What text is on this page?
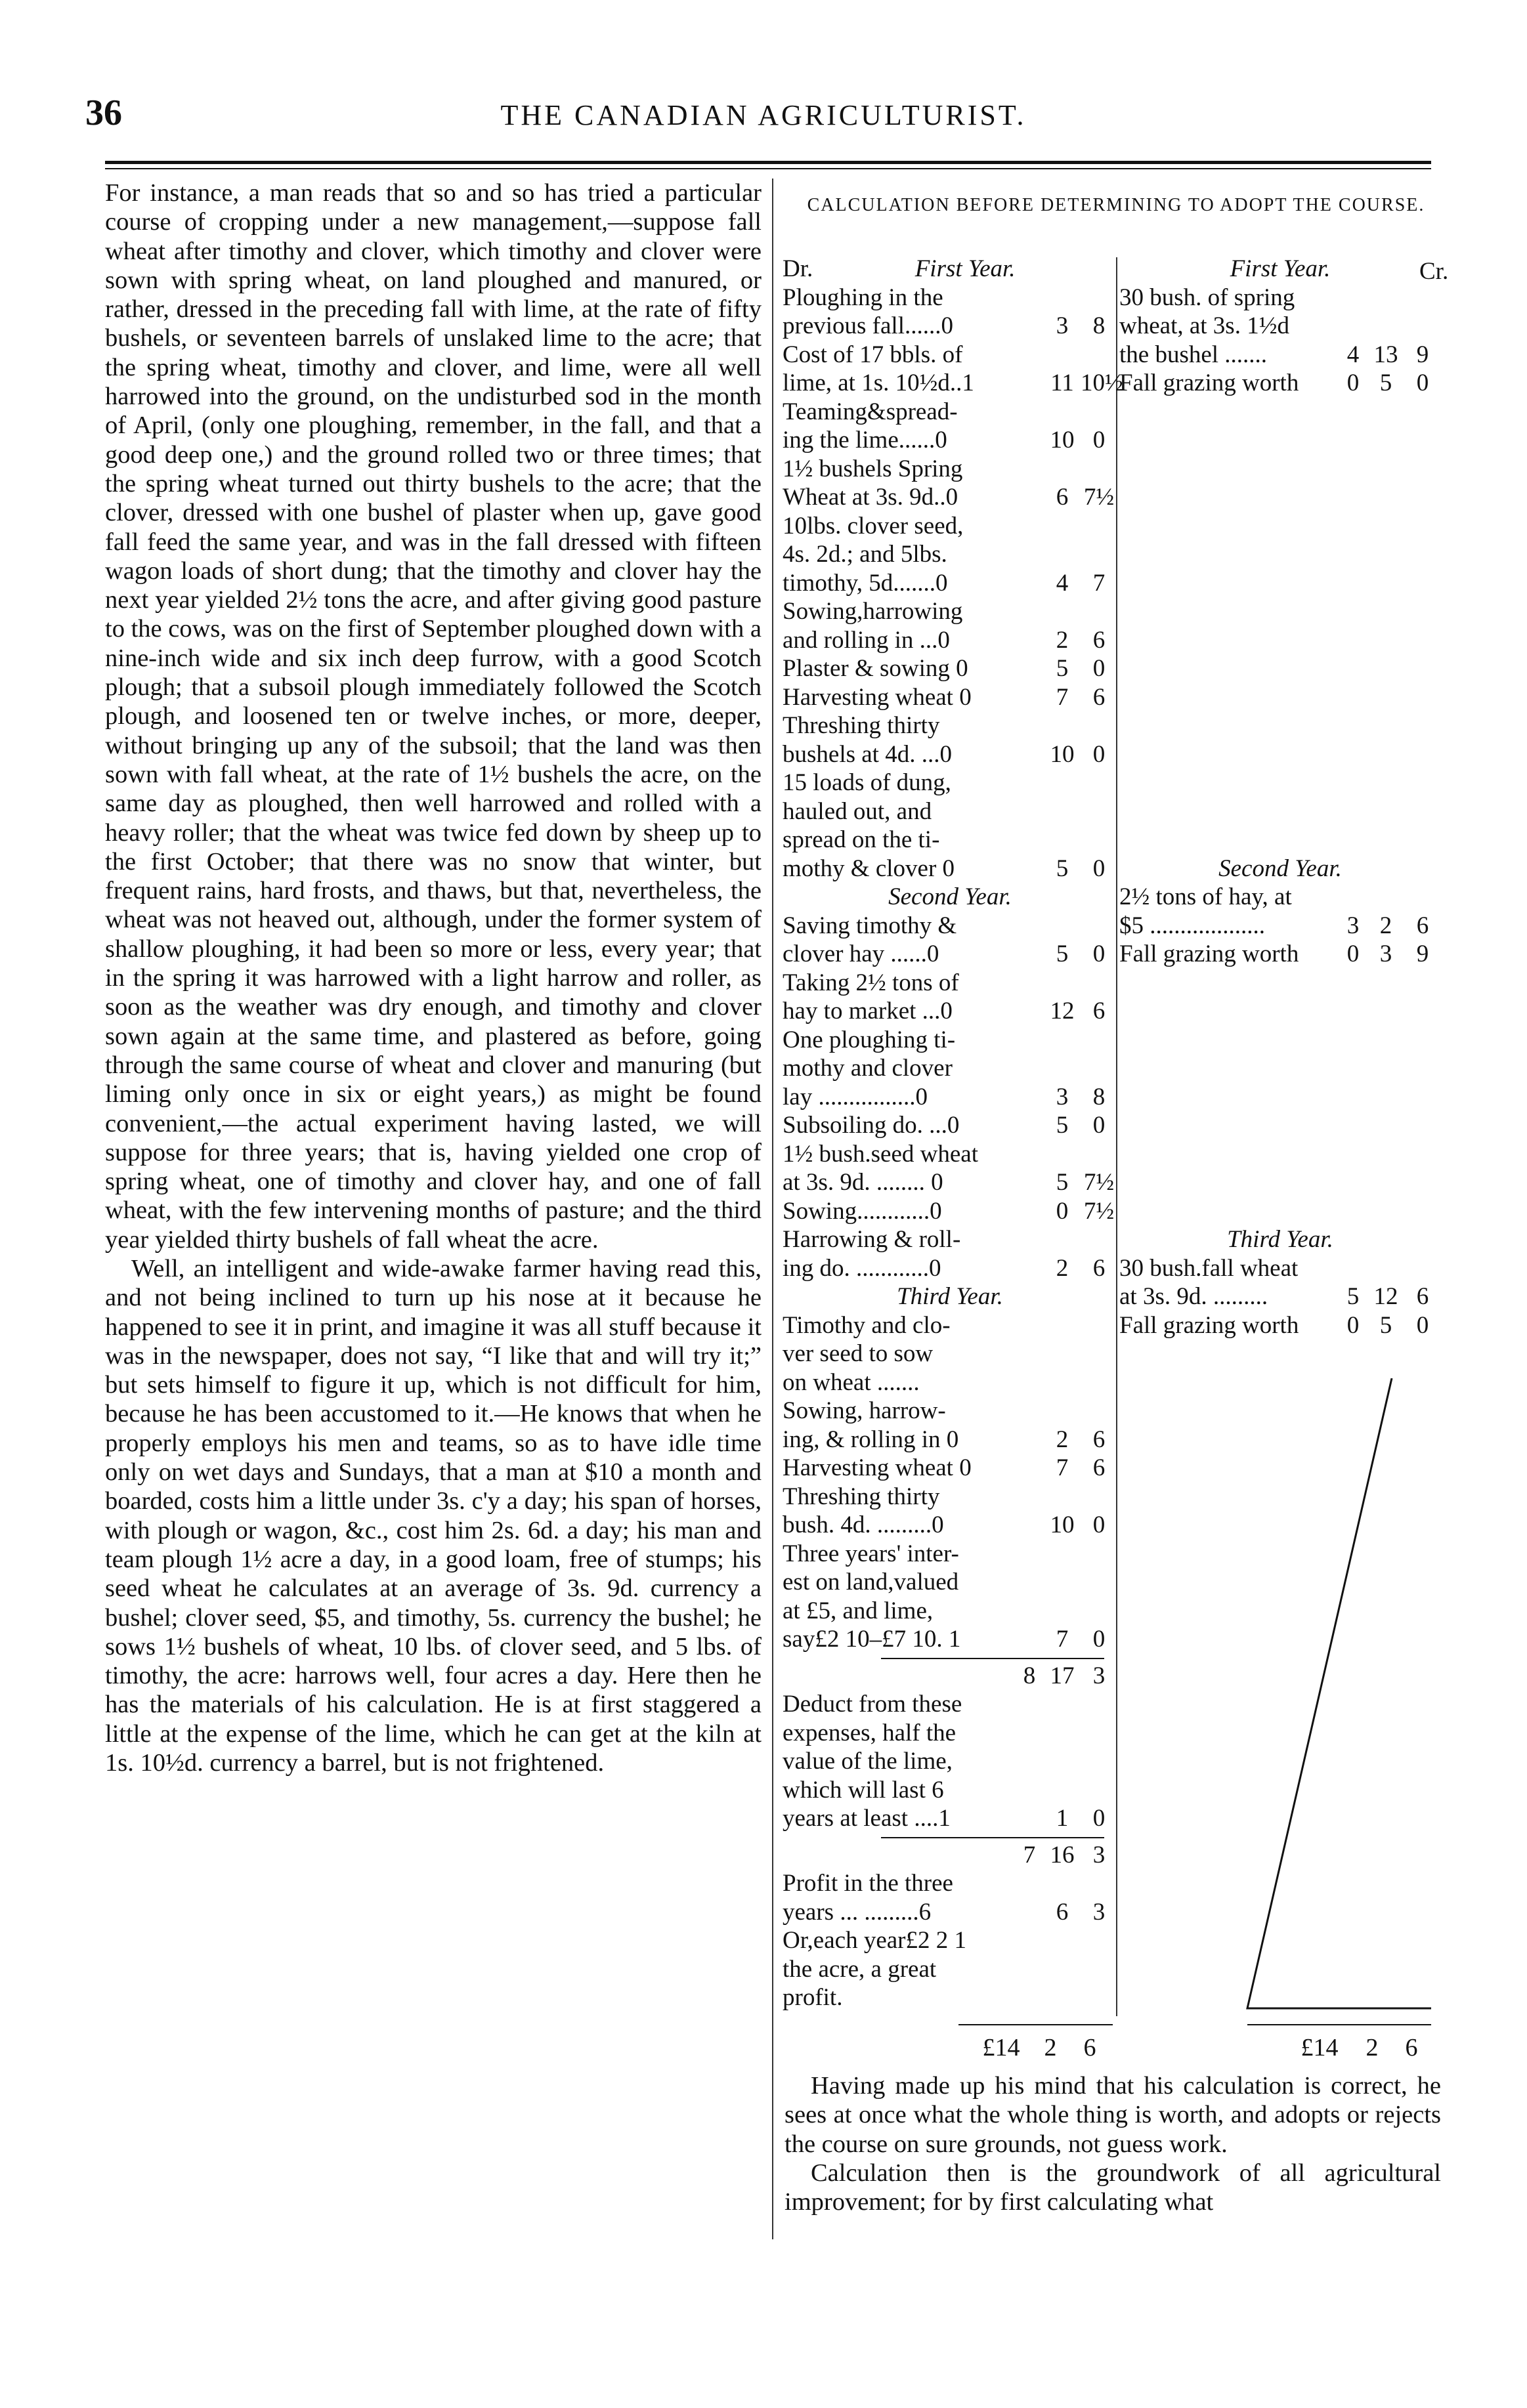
36	THE CANADIAN AGRICULTURIST.

For instance, a man reads that so and so has tried a particular course of cropping under a new management,—suppose fall wheat after timothy and clover, which timothy and clover were sown with spring wheat, on land ploughed and manured, or rather, dressed in the preceding fall with lime, at the rate of fifty bushels, or seventeen barrels of unslaked lime to the acre; that the spring wheat, timothy and clover, and lime, were all well harrowed into the ground, on the undisturbed sod in the month of April, (only one ploughing, remember, in the fall, and that a good deep one,) and the ground rolled two or three times; that the spring wheat turned out thirty bushels to the acre; that the clover, dressed with one bushel of plaster when up, gave good fall feed the same year, and was in the fall dressed with fifteen wagon loads of short dung; that the timothy and clover hay the next year yielded 2½ tons the acre, and after giving good pasture to the cows, was on the first of September ploughed down with a nine-inch wide and six inch deep furrow, with a good Scotch plough; that a subsoil plough immediately followed the Scotch plough, and loosened ten or twelve inches, or more, deeper, without bringing up any of the subsoil; that the land was then sown with fall wheat, at the rate of 1½ bushels the acre, on the same day as ploughed, then well harrowed and rolled with a heavy roller; that the wheat was twice fed down by sheep up to the first October; that there was no snow that winter, but frequent rains, hard frosts, and thaws, but that, nevertheless, the wheat was not heaved out, although, under the former system of shallow ploughing, it had been so more or less, every year; that in the spring it was harrowed with a light harrow and roller, as soon as the weather was dry enough, and timothy and clover sown again at the same time, and plastered as before, going through the same course of wheat and clover and manuring (but liming only once in six or eight years,) as might be found convenient,—the actual experiment having lasted, we will suppose for three years; that is, having yielded one crop of spring wheat, one of timothy and clover hay, and one of fall wheat, with the few intervening months of pasture; and the third year yielded thirty bushels of fall wheat the acre.

Well, an intelligent and wide-awake farmer having read this, and not being inclined to turn up his nose at it because he happened to see it in print, and imagine it was all stuff because it was in the newspaper, does not say, “I like that and will try it;” but sets himself to figure it up, which is not difficult for him, because he has been accustomed to it.—He knows that when he properly employs his men and teams, so as to have idle time only on wet days and Sundays, that a man at $10 a month and boarded, costs him a little under 3s. c'y a day; his span of horses, with plough or wagon, &c., cost him 2s. 6d. a day; his man and team plough 1½ acre a day, in a good loam, free of stumps; his seed wheat he calculates at an average of 3s. 9d. currency a bushel; clover seed, $5, and timothy, 5s. currency the bushel; he sows 1½ bushels of wheat, 10 lbs. of clover seed, and 5 lbs. of timothy, the acre: harrows well, four acres a day. Here then he has the materials of his calculation. He is at first staggered a little at the expense of the lime, which he can get at the kiln at 1s. 10½d. currency a barrel, but is not frightened.

CALCULATION BEFORE DETERMINING TO ADOPT THE COURSE.
Cr.
Dr.	First Year.
Ploughing in the
previous fall......0	3	8
Cost of 17 bbls. of
lime, at 1s. 10½d..1	11 10½
Teaming&spread-
ing the lime......0	10 0
1½ bushels Spring
Wheat at 3s. 9d..0	6 7½
10lbs. clover seed,
4s. 2d.; and 5lbs.
timothy, 5d.......0	4	7
Sowing,harrowing
and rolling in ...0	2	6
Plaster & sowing 0	5	0
Harvesting wheat 0	7	6
Threshing thirty
bushels at 4d. ...0	10 0
15 loads of dung,
hauled out, and
spread on the ti-
mothy & clover 0	5	0
Second Year.
Saving timothy &
clover hay ......0	5	0
Taking 2½ tons of
hay to market ...0	12 6
One ploughing ti-
mothy and clover
lay ................0	3	8
Subsoiling do. ...0	5	0
1½ bush.seed wheat
at 3s. 9d. ........ 0	5 7½
Sowing............0	0 7½
Harrowing & roll-
ing do. ............0	2	6
Third Year.
Timothy and clo-
ver seed to sow
on wheat .......
Sowing, harrow-
ing, & rolling in 0	2	6
Harvesting wheat 0	7	6
Threshing thirty
bush. 4d. .........0	10 0
Three years' inter-
est on land,valued
at £5, and lime,
say£2 10–£7 10. 1	7	0
8 17 3
Deduct from these
expenses, half the
value of the lime,
which will last 6
years at least ....1	1	0
7 16 3
Profit in the three
years ... .........6	6	3
Or,each year£2 2 1
the acre, a great
profit.
First Year.
30 bush. of spring
wheat, at 3s. 1½d
the bushel .......	4 13 9
Fall grazing worth	0 5	0
Second Year.
2½ tons of hay, at
$5 ...................	3 2	6
Fall grazing worth	0 3	9
Third Year.
30 bush.fall wheat
at 3s. 9d. .........	5 12 6
Fall grazing worth	0 5	0
£14 2	6	£14	2	6

Having made up his mind that his calculation is correct, he sees at once what the whole thing is worth, and adopts or rejects the course on sure grounds, not guess work.

Calculation then is the groundwork of all agricultural improvement; for by first calculating what
